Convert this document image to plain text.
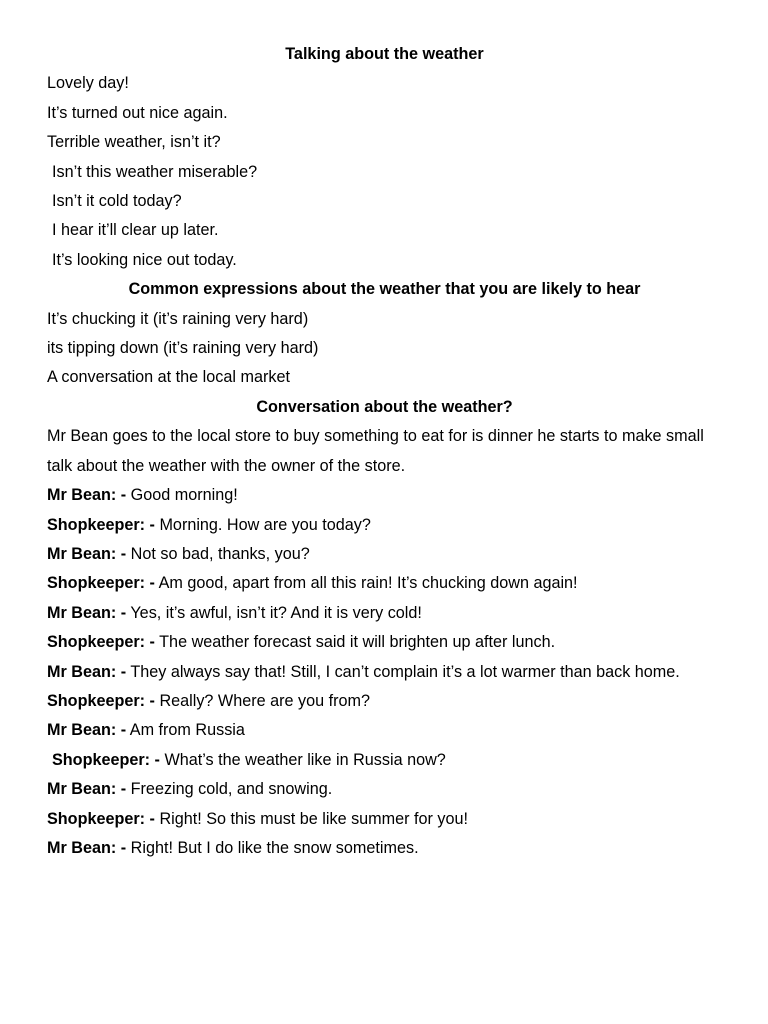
Talking about the weather

Lovely day!

It’s turned out nice again.

Terrible weather, isn’t it?

Isn’t this weather miserable?

Isn’t it cold today?

I hear it’ll clear up later.

It’s looking nice out today.

Common expressions about the weather that you are likely to hear

It’s chucking it (it’s raining very hard)

its tipping down (it’s raining very hard)

A conversation at the local market

Conversation about the weather?

Mr Bean goes to the local store to buy something to eat for is dinner he starts to make small talk about the weather with the owner of the store.

Mr Bean: - Good morning!

Shopkeeper: - Morning. How are you today?

Mr Bean: - Not so bad, thanks, you?

Shopkeeper: - Am good, apart from all this rain! It’s chucking down again!

Mr Bean: - Yes, it’s awful, isn’t it? And it is very cold!

Shopkeeper: - The weather forecast said it will brighten up after lunch.

Mr Bean: - They always say that! Still, I can’t complain it’s a lot warmer than back home.

Shopkeeper: - Really? Where are you from?

Mr Bean: - Am from Russia

Shopkeeper: - What’s the weather like in Russia now?

Mr Bean: - Freezing cold, and snowing.

Shopkeeper: - Right! So this must be like summer for you!

Mr Bean: - Right! But I do like the snow sometimes.
